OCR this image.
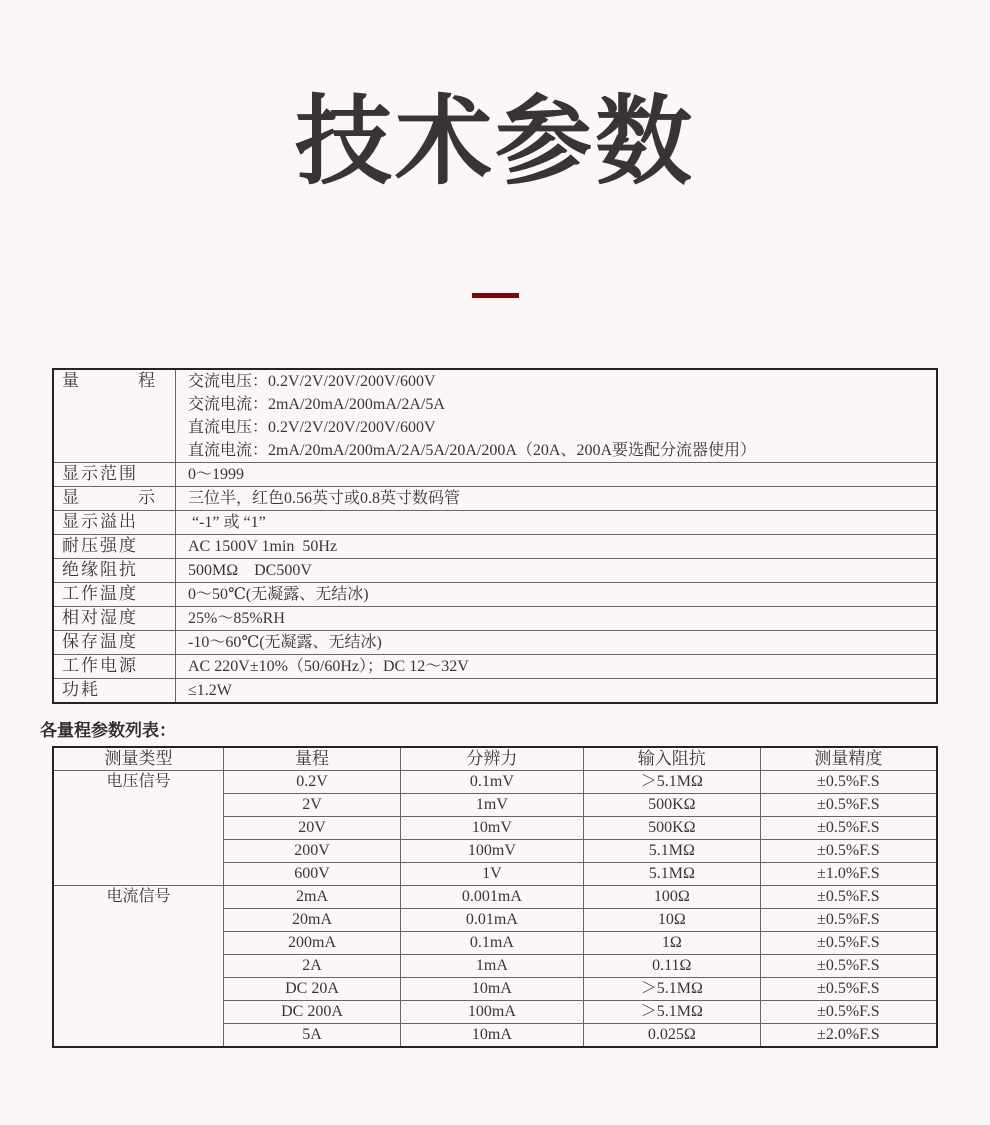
技术参数
量　　　程	交流电压：0.2V/2V/20V/200V/600V
交流电流：2mA/20mA/200mA/2A/5A
直流电压：0.2V/2V/20V/200V/600V
直流电流：2mA/20mA/200mA/2A/5A/20A/200A（20A、200A要选配分流器使用）

显示范围	0～1999

显　　　示	三位半，红色0.56英寸或0.8英寸数码管

显示溢出	“-1” 或 “1”

耐压强度	AC 1500V 1min  50Hz

绝缘阻抗	500MΩ　DC500V

工作温度	0～50℃(无凝露、无结冰)

相对湿度	25%～85%RH

保存温度	-10～60℃(无凝露、无结冰)

工作电源	AC 220V±10%（50/60Hz）；DC 12～32V

功耗	≤1.2W
各量程参数列表：
测量类型	量程	分辨力	输入阻抗	测量精度
电压信号	0.2V	0.1mV	＞5.1MΩ	±0.5%F.S
	2V	1mV	500KΩ	±0.5%F.S
	20V	10mV	500KΩ	±0.5%F.S
	200V	100mV	5.1MΩ	±0.5%F.S
	600V	1V	5.1MΩ	±1.0%F.S
电流信号	2mA	0.001mA	100Ω	±0.5%F.S
	20mA	0.01mA	10Ω	±0.5%F.S
	200mA	0.1mA	1Ω	±0.5%F.S
	2A	1mA	0.11Ω	±0.5%F.S
	DC 20A	10mA	＞5.1MΩ	±0.5%F.S
	DC 200A	100mA	＞5.1MΩ	±0.5%F.S
	5A	10mA	0.025Ω	±2.0%F.S
